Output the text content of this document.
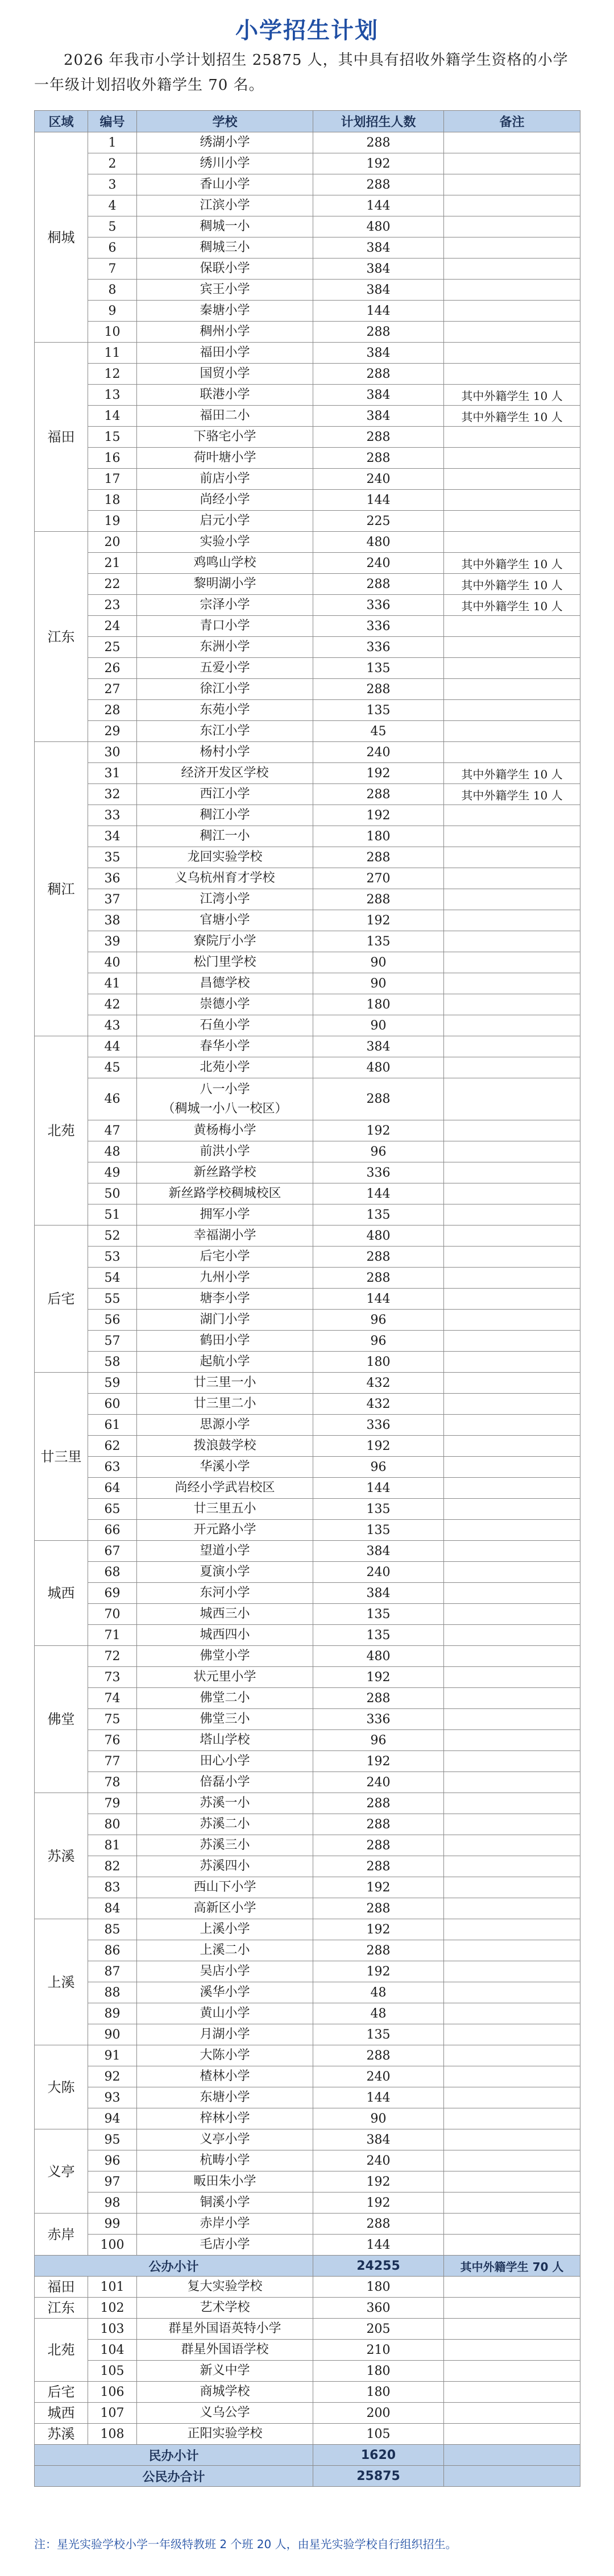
小学招生计划
2026 年我市小学计划招生 25875 人，其中具有招收外籍学生资格的小学一年级计划招收外籍学生 70 名。
区域	编号	学校	计划招生人数	备注
桐城	1	绣湖小学	288	
	2	绣川小学	192	
	3	香山小学	288	
	4	江滨小学	144	
	5	稠城一小	480	
	6	稠城三小	384	
	7	保联小学	384	
	8	宾王小学	384	
	9	秦塘小学	144	
	10	稠州小学	288	
福田	11	福田小学	384	
	12	国贸小学	288	
	13	联港小学	384	其中外籍学生 10 人
	14	福田二小	384	其中外籍学生 10 人
	15	下骆宅小学	288	
	16	荷叶塘小学	288	
	17	前店小学	240	
	18	尚经小学	144	
	19	启元小学	225	
江东	20	实验小学	480	
	21	鸡鸣山学校	240	其中外籍学生 10 人
	22	黎明湖小学	288	其中外籍学生 10 人
	23	宗泽小学	336	其中外籍学生 10 人
	24	青口小学	336	
	25	东洲小学	336	
	26	五爱小学	135	
	27	徐江小学	288	
	28	东苑小学	135	
	29	东江小学	45	
稠江	30	杨村小学	240	
	31	经济开发区学校	192	其中外籍学生 10 人
	32	西江小学	288	其中外籍学生 10 人
	33	稠江小学	192	
	34	稠江一小	180	
	35	龙回实验学校	288	
	36	义乌杭州育才学校	270	
	37	江湾小学	288	
	38	官塘小学	192	
	39	寮院厅小学	135	
	40	松门里学校	90	
	41	昌德学校	90	
	42	崇德小学	180	
	43	石鱼小学	90	
北苑	44	春华小学	384	
	45	北苑小学	480	
	46	八一小学
（稠城一小八一校区）	288	
	47	黄杨梅小学	192	
	48	前洪小学	96	
	49	新丝路学校	336	
	50	新丝路学校稠城校区	144	
	51	拥军小学	135	
后宅	52	幸福湖小学	480	
	53	后宅小学	288	
	54	九州小学	288	
	55	塘李小学	144	
	56	湖门小学	96	
	57	鹤田小学	96	
	58	起航小学	180	
廿三里	59	廿三里一小	432	
	60	廿三里二小	432	
	61	思源小学	336	
	62	拨浪鼓学校	192	
	63	华溪小学	96	
	64	尚经小学武岩校区	144	
	65	廿三里五小	135	
	66	开元路小学	135	
城西	67	望道小学	384	
	68	夏演小学	240	
	69	东河小学	384	
	70	城西三小	135	
	71	城西四小	135	
佛堂	72	佛堂小学	480	
	73	状元里小学	192	
	74	佛堂二小	288	
	75	佛堂三小	336	
	76	塔山学校	96	
	77	田心小学	192	
	78	倍磊小学	240	
苏溪	79	苏溪一小	288	
	80	苏溪二小	288	
	81	苏溪三小	288	
	82	苏溪四小	288	
	83	西山下小学	192	
	84	高新区小学	288	
上溪	85	上溪小学	192	
	86	上溪二小	288	
	87	吴店小学	192	
	88	溪华小学	48	
	89	黄山小学	48	
	90	月湖小学	135	
大陈	91	大陈小学	288	
	92	楂林小学	240	
	93	东塘小学	144	
	94	梓林小学	90	
义亭	95	义亭小学	384	
	96	杭畴小学	240	
	97	畈田朱小学	192	
	98	铜溪小学	192	
赤岸	99	赤岸小学	288	
	100	毛店小学	144	
公办小计			24255	其中外籍学生 70 人
福田	101	复大实验学校	180	
江东	102	艺术学校	360	
北苑	103	群星外国语英特小学	205	
	104	群星外国语学校	210	
	105	新义中学	180	
后宅	106	商城学校	180	
城西	107	义乌公学	200	
苏溪	108	正阳实验学校	105	
民办小计			1620	
公民办合计			25875	
注：星光实验学校小学一年级特教班 2 个班 20 人，由星光实验学校自行组织招生。
